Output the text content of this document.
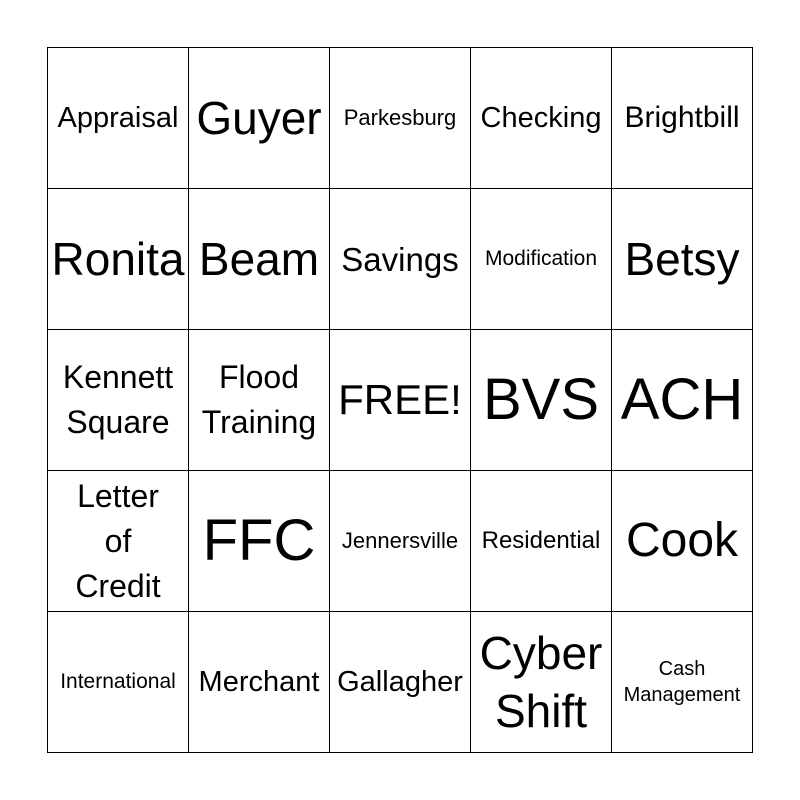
Appraisal Guyer Parkesburg Checking Brightbill
Ronita Beam Savings Modification Betsy
Kennett
Square
Flood
Training FREE! BVS ACH
Letter
of
Credit
FFC Jennersville Residential Cook
International Merchant Gallagher
Cyber
Shift
Cash
Management
